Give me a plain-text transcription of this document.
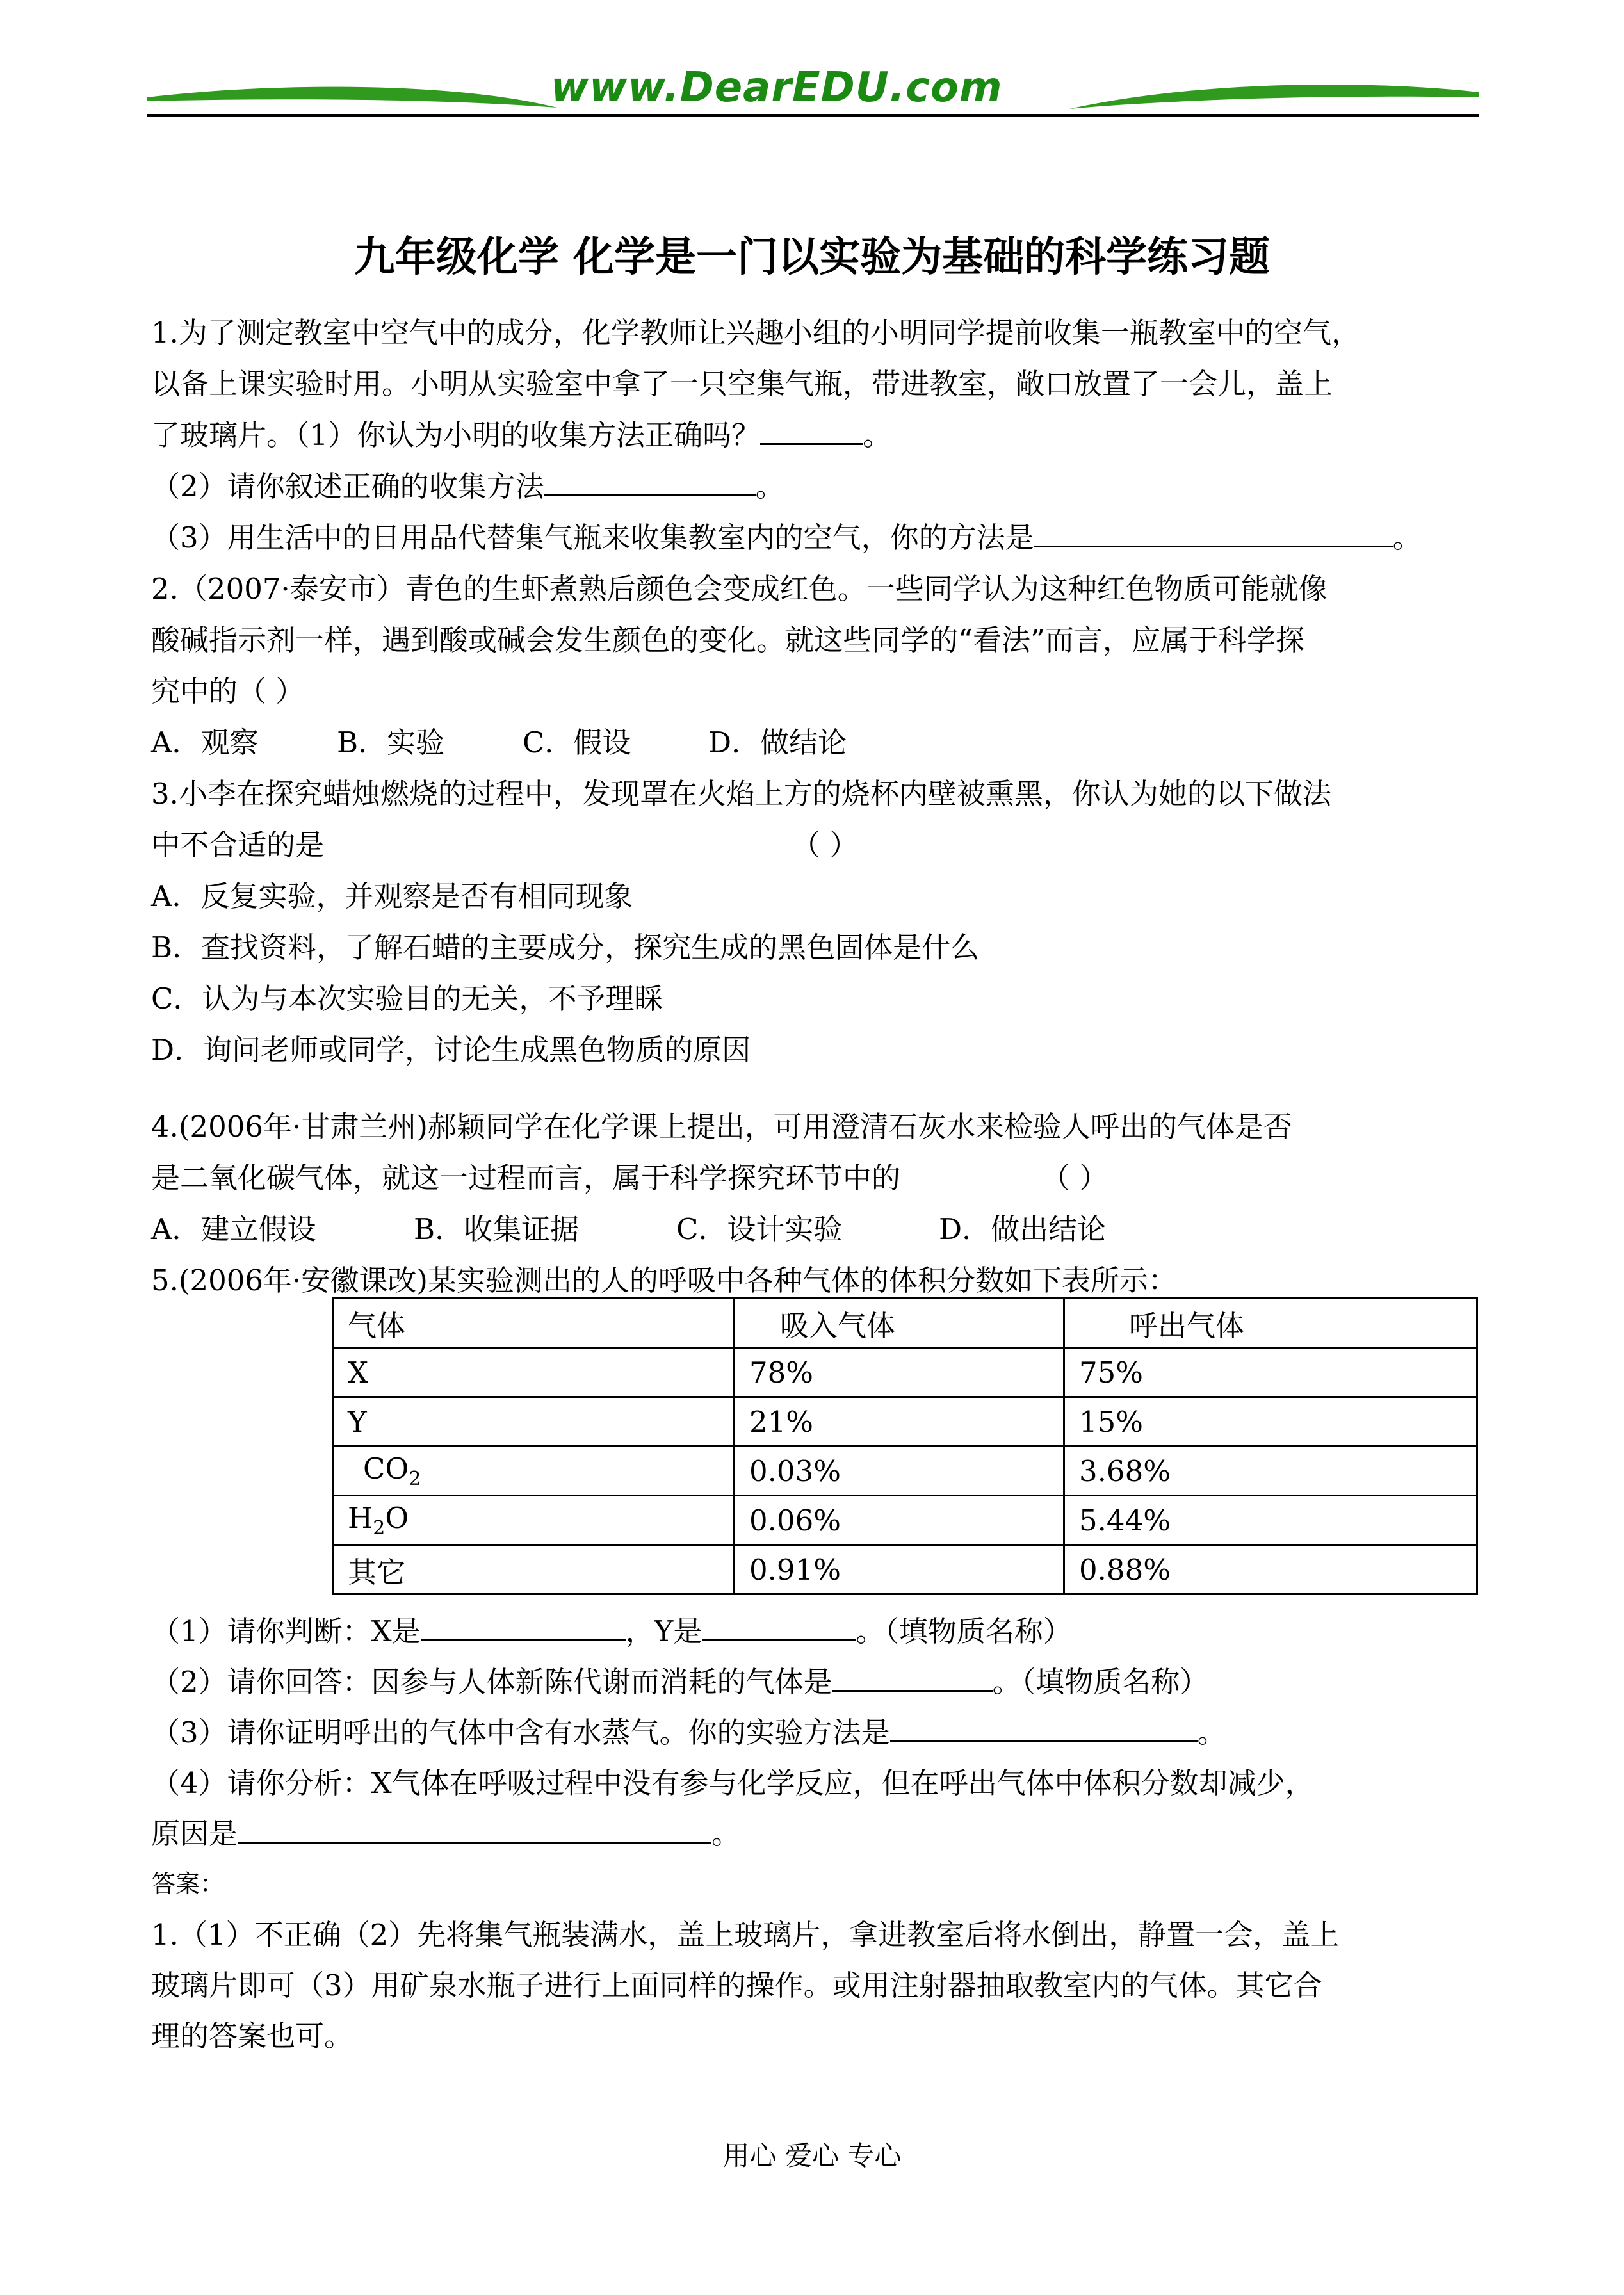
www.DearEDU.com
九年级化学 化学是一门以实验为基础的科学练习题
1.为了测定教室中空气中的成分，化学教师让兴趣小组的小明同学提前收集一瓶教室中的空气，
以备上课实验时用。小明从实验室中拿了一只空集气瓶，带进教室，敞口放置了一会儿，盖上
了玻璃片。（1）你认为小明的收集方法正确吗？	。
（2）请你叙述正确的收集方法	。
（3）用生活中的日用品代替集气瓶来收集教室内的空气，你的方法是	。
2.（2007·泰安市）青色的生虾煮熟后颜色会变成红色。一些同学认为这种红色物质可能就像
酸碱指示剂一样，遇到酸或碱会发生颜色的变化。就这些同学的“看法”而言，应属于科学探
究中的（ ）
A．观察	B．实验	C．假设	D．做结论
3.小李在探究蜡烛燃烧的过程中，发现罩在火焰上方的烧杯内壁被熏黑，你认为她的以下做法
中不合适的是	（ ）
A．反复实验，并观察是否有相同现象
B．查找资料，了解石蜡的主要成分，探究生成的黑色固体是什么
C．认为与本次实验目的无关，不予理睬
D．询问老师或同学，讨论生成黑色物质的原因
4.(2006年·甘肃兰州)郝颖同学在化学课上提出，可用澄清石灰水来检验人呼出的气体是否
是二氧化碳气体，就这一过程而言，属于科学探究环节中的	（ ）
A．建立假设	B．收集证据	C．设计实验	D．做出结论
5.(2006年·安徽课改)某实验测出的人的呼吸中各种气体的体积分数如下表所示：
气体	吸入气体	呼出气体
X	78%	75%
Y	21%	15%
$CO_2$	0.03%	3.68%
$H_2O$	0.06%	5.44%
其它	0.91%	0.88%
（1）请你判断：X是	，Y是	。（填物质名称）
（2）请你回答：因参与人体新陈代谢而消耗的气体是	。（填物质名称）
（3）请你证明呼出的气体中含有水蒸气。你的实验方法是	。
（4）请你分析：X气体在呼吸过程中没有参与化学反应，但在呼出气体中体积分数却减少，
原因是	。
答案：
1.（1）不正确（2）先将集气瓶装满水，盖上玻璃片，拿进教室后将水倒出，静置一会，盖上
玻璃片即可（3）用矿泉水瓶子进行上面同样的操作。或用注射器抽取教室内的气体。其它合
理的答案也可。
用心 爱心 专心
